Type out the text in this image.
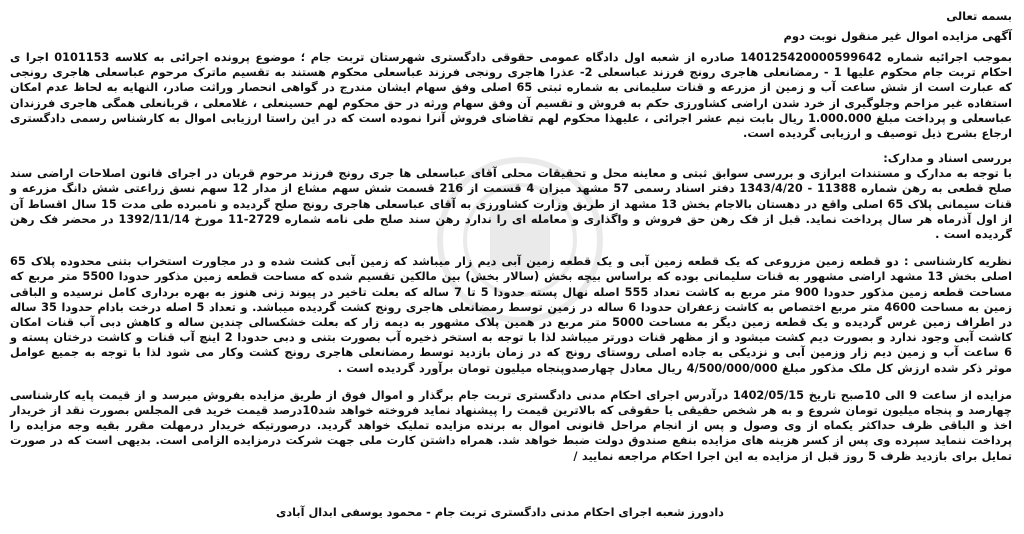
بسمه تعالی
آگهی مزایده اموال غیر منقول نوبت دوم

بموجب اجرائیه شماره 140125420000599642 صادره از شعبه اول دادگاه عمومی حقوقی دادگستری شهرستان تربت جام ؛ موضوع پرونده اجرائی به کلاسه 0101153 اجرا ی احکام تربت جام محکوم علیها 1 - رمضانعلی هاجری رونج فرزند عباسعلی 2- عذرا هاجری رونجی فرزند عباسعلی محکوم هستند به تقسیم ماترک مرحوم عباسعلی هاجری رونجی که عبارت است از شش ساعت آب و زمین از مزرعه و قنات سلیمانی به شماره ثبتی 65 اصلی وفق سهام ایشان مندرج در گواهی انحصار وراثت صادر، النهایه به لحاظ عدم امکان استفاده غیر مزاحم وجلوگیری از خرد شدن اراضی کشاورزی حکم به فروش و تقسیم آن وفق سهام ورثه در حق محکوم لهم حسینعلی ، غلامعلی ، قربانعلی همگی هاجری فرزندان عباسعلی و پرداخت مبلغ 1.000.000 ریال بابت نیم عشر اجرائی ، علیهذا محکوم لهم تقاضای فروش آنرا نموده است که در این راستا ارزیابی اموال به کارشناس رسمی دادگستری ارجاع بشرح ذیل توصیف و ارزیابی گردیده است.

بررسی اسناد و مدارک:

با توجه به مدارک و مستندات ابرازی و بررسی سوابق ثبتی و معاینه محل و تحقیقات محلی آقای عباسعلی ها جری رونج فرزند مرحوم قربان در اجرای قانون اصلاحات اراضی سند صلح قطعی به رهن شماره 11388 - 1343/4/20 دفتر اسناد رسمی 57 مشهد میزان 4 قسمت از 216 قسمت شش سهم مشاع از مدار 12 سهم نسق زراعتی شش دانگ مزرعه و قنات سیمانی پلاک 65 اصلی واقع در دهستان بالاجام بخش 13 مشهد از طریق وزارت کشاورزی به آقای عباسعلی هاجری رونج صلح گردیده و نامبرده طی مدت 15 سال اقساط آن از اول آذرماه هر سال پرداخت نماید. قبل از فک رهن حق فروش و واگذاری و معامله ای را ندارد رهن سند صلح طی نامه شماره 2729-11 مورخ 1392/11/14 در محضر فک رهن گردیده است .

نظریه کارشناسی : دو قطعه زمین مزروعی که یک قطعه زمین آبی و یک قطعه زمین آبی دیم زار میباشد که زمین آبی کشت شده و در مجاورت استخراب بتنی محدوده پلاک 65 اصلی بخش 13 مشهد اراضی مشهور به قنات سلیمانی بوده که براساس بیچه بخش (سالار بخش) بین مالکین تقسیم شده که مساحت قطعه زمین مذکور حدودا 5500 متر مربع که مساحت قطعه زمین مذکور حدودا 900 متر مربع به کاشت تعداد 555 اصله نهال پسته حدودا 5 تا 7 ساله که بعلت تاخیر در پیوند زنی هنوز به بهره برداری کامل نرسیده و الباقی زمین به مساحت 4600 متر مربع اختصاص به کاشت زعفران حدودا 6 ساله در زمین توسط رمضانعلی هاجری رونج کشت گردیده میباشد. و تعداد 5 اصله درخت بادام حدودا 35 ساله در اطراف زمین غرس گردیده و یک قطعه زمین دیگر به مساحت 5000 متر مربع در همین پلاک مشهور به دیمه زار که بعلت خشکسالی چندین ساله و کاهش دبی آب قنات امکان کاشت آبی وجود ندارد و بصورت دیم کشت میشود و از مظهر قنات دورتر میباشد لذا با توجه به استخر ذخیره آب بصورت بتنی و دبی حدودا 2 اینچ آب قنات و کاشت درختان پسته و 6 ساعت آب و زمین دیم زار وزمین آبی و نزدیکی به جاده اصلی روستای رونج که در زمان بازدید توسط رمضانعلی هاجری رونج کشت وکار می شود لذا با توجه به جمیع عوامل موثر ذکر شده ارزش کل ملک مذکور مبلغ 4/500/000/000 ریال معادل چهارصدوپنجاه میلیون تومان برآورد گردیده است .

مزایده از ساعت 9 الی 10صبح تاریخ 1402/05/15 درآدرس اجرای احکام مدنی دادگستری تربت جام برگذار و اموال فوق از طریق مزایده بفروش میرسد و از قیمت پایه کارشناسی چهارصد و پنجاه میلیون تومان شروع و به هر شخص حقیقی یا حقوقی که بالاترین قیمت را پیشنهاد نماید فروخته خواهد شد10درصد قیمت خرید فی المجلس بصورت نقد از خریدار اخذ و الباقی ظرف حداکثر یکماه از وی وصول و پس از انجام مراحل قانونی اموال به برنده مزایده تملیک خواهد گردید. درصورتیکه خریدار درمهلت مقرر بقیه وجه مزایده را پرداخت ننماید سپرده وی پس از کسر هزینه های مزایده بنفع صندوق دولت ضبط خواهد شد. همراه داشتن کارت ملی جهت شرکت درمزایده الزامی است. بدیهی است که در صورت تمایل برای بازدید ظرف 5 روز قبل از مزایده به این اجرا احکام مراجعه نمایید /

دادورز شعبه اجرای احکام مدنی دادگستری تربت جام - محمود یوسفی ابدال آبادی
